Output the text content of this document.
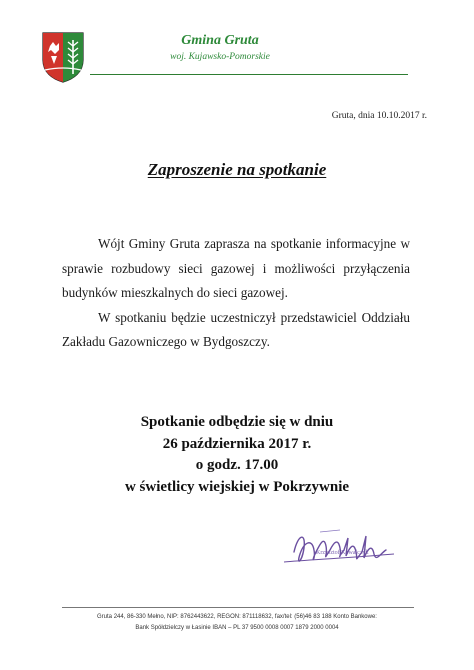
Gmina Gruta
woj. Kujawsko-Pomorskie
Gruta, dnia 10.10.2017 r.
Zaproszenie na spotkanie

Wójt Gminy Gruta zaprasza na spotkanie informacyjne w sprawie rozbudowy sieci gazowej i możliwości przyłączenia budynków mieszkalnych do sieci gazowej.

W spotkaniu będzie uczestniczył przedstawiciel Oddziału Zakładu Gazowniczego w Bydgoszczy.

Spotkanie odbędzie się w dniu
26 października 2017 r.
o godz. 17.00
w świetlicy wiejskiej w Pokrzywnie
Krzysztof Kowalczyk
Gruta 244, 86-330 Mełno, NIP: 8762443622, REGON: 871118632, fax/tel: (56)46 83 188 Konto Bankowe:
Bank Spółdzielczy w Łasinie IBAN – PL 37 9500 0008 0007 1879 2000 0004
